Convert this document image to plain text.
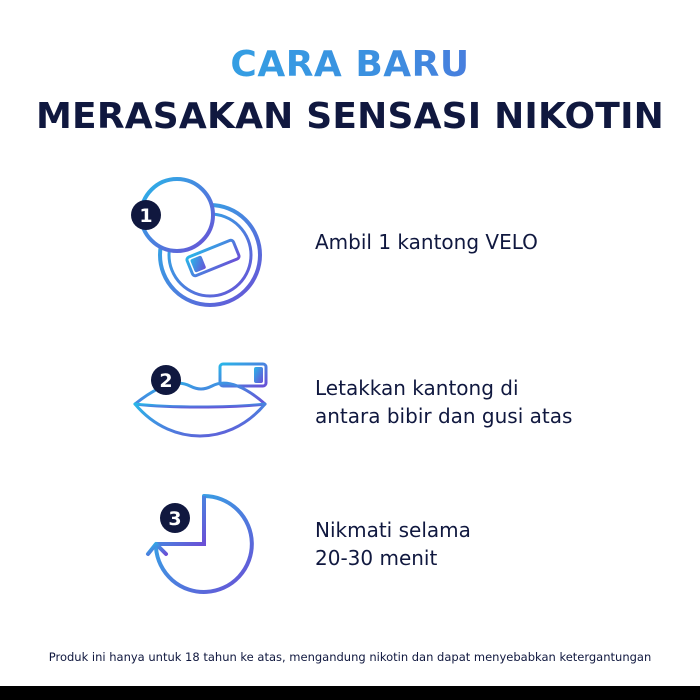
CARA BARU
MERASAKAN SENSASI NIKOTIN
1
Ambil 1 kantong VELO
2	Letakkan kantong di
antara bibir dan gusi atas
3	Nikmati selama
20-30 menit
Produk ini hanya untuk 18 tahun ke atas, mengandung nikotin dan dapat menyebabkan ketergantungan
